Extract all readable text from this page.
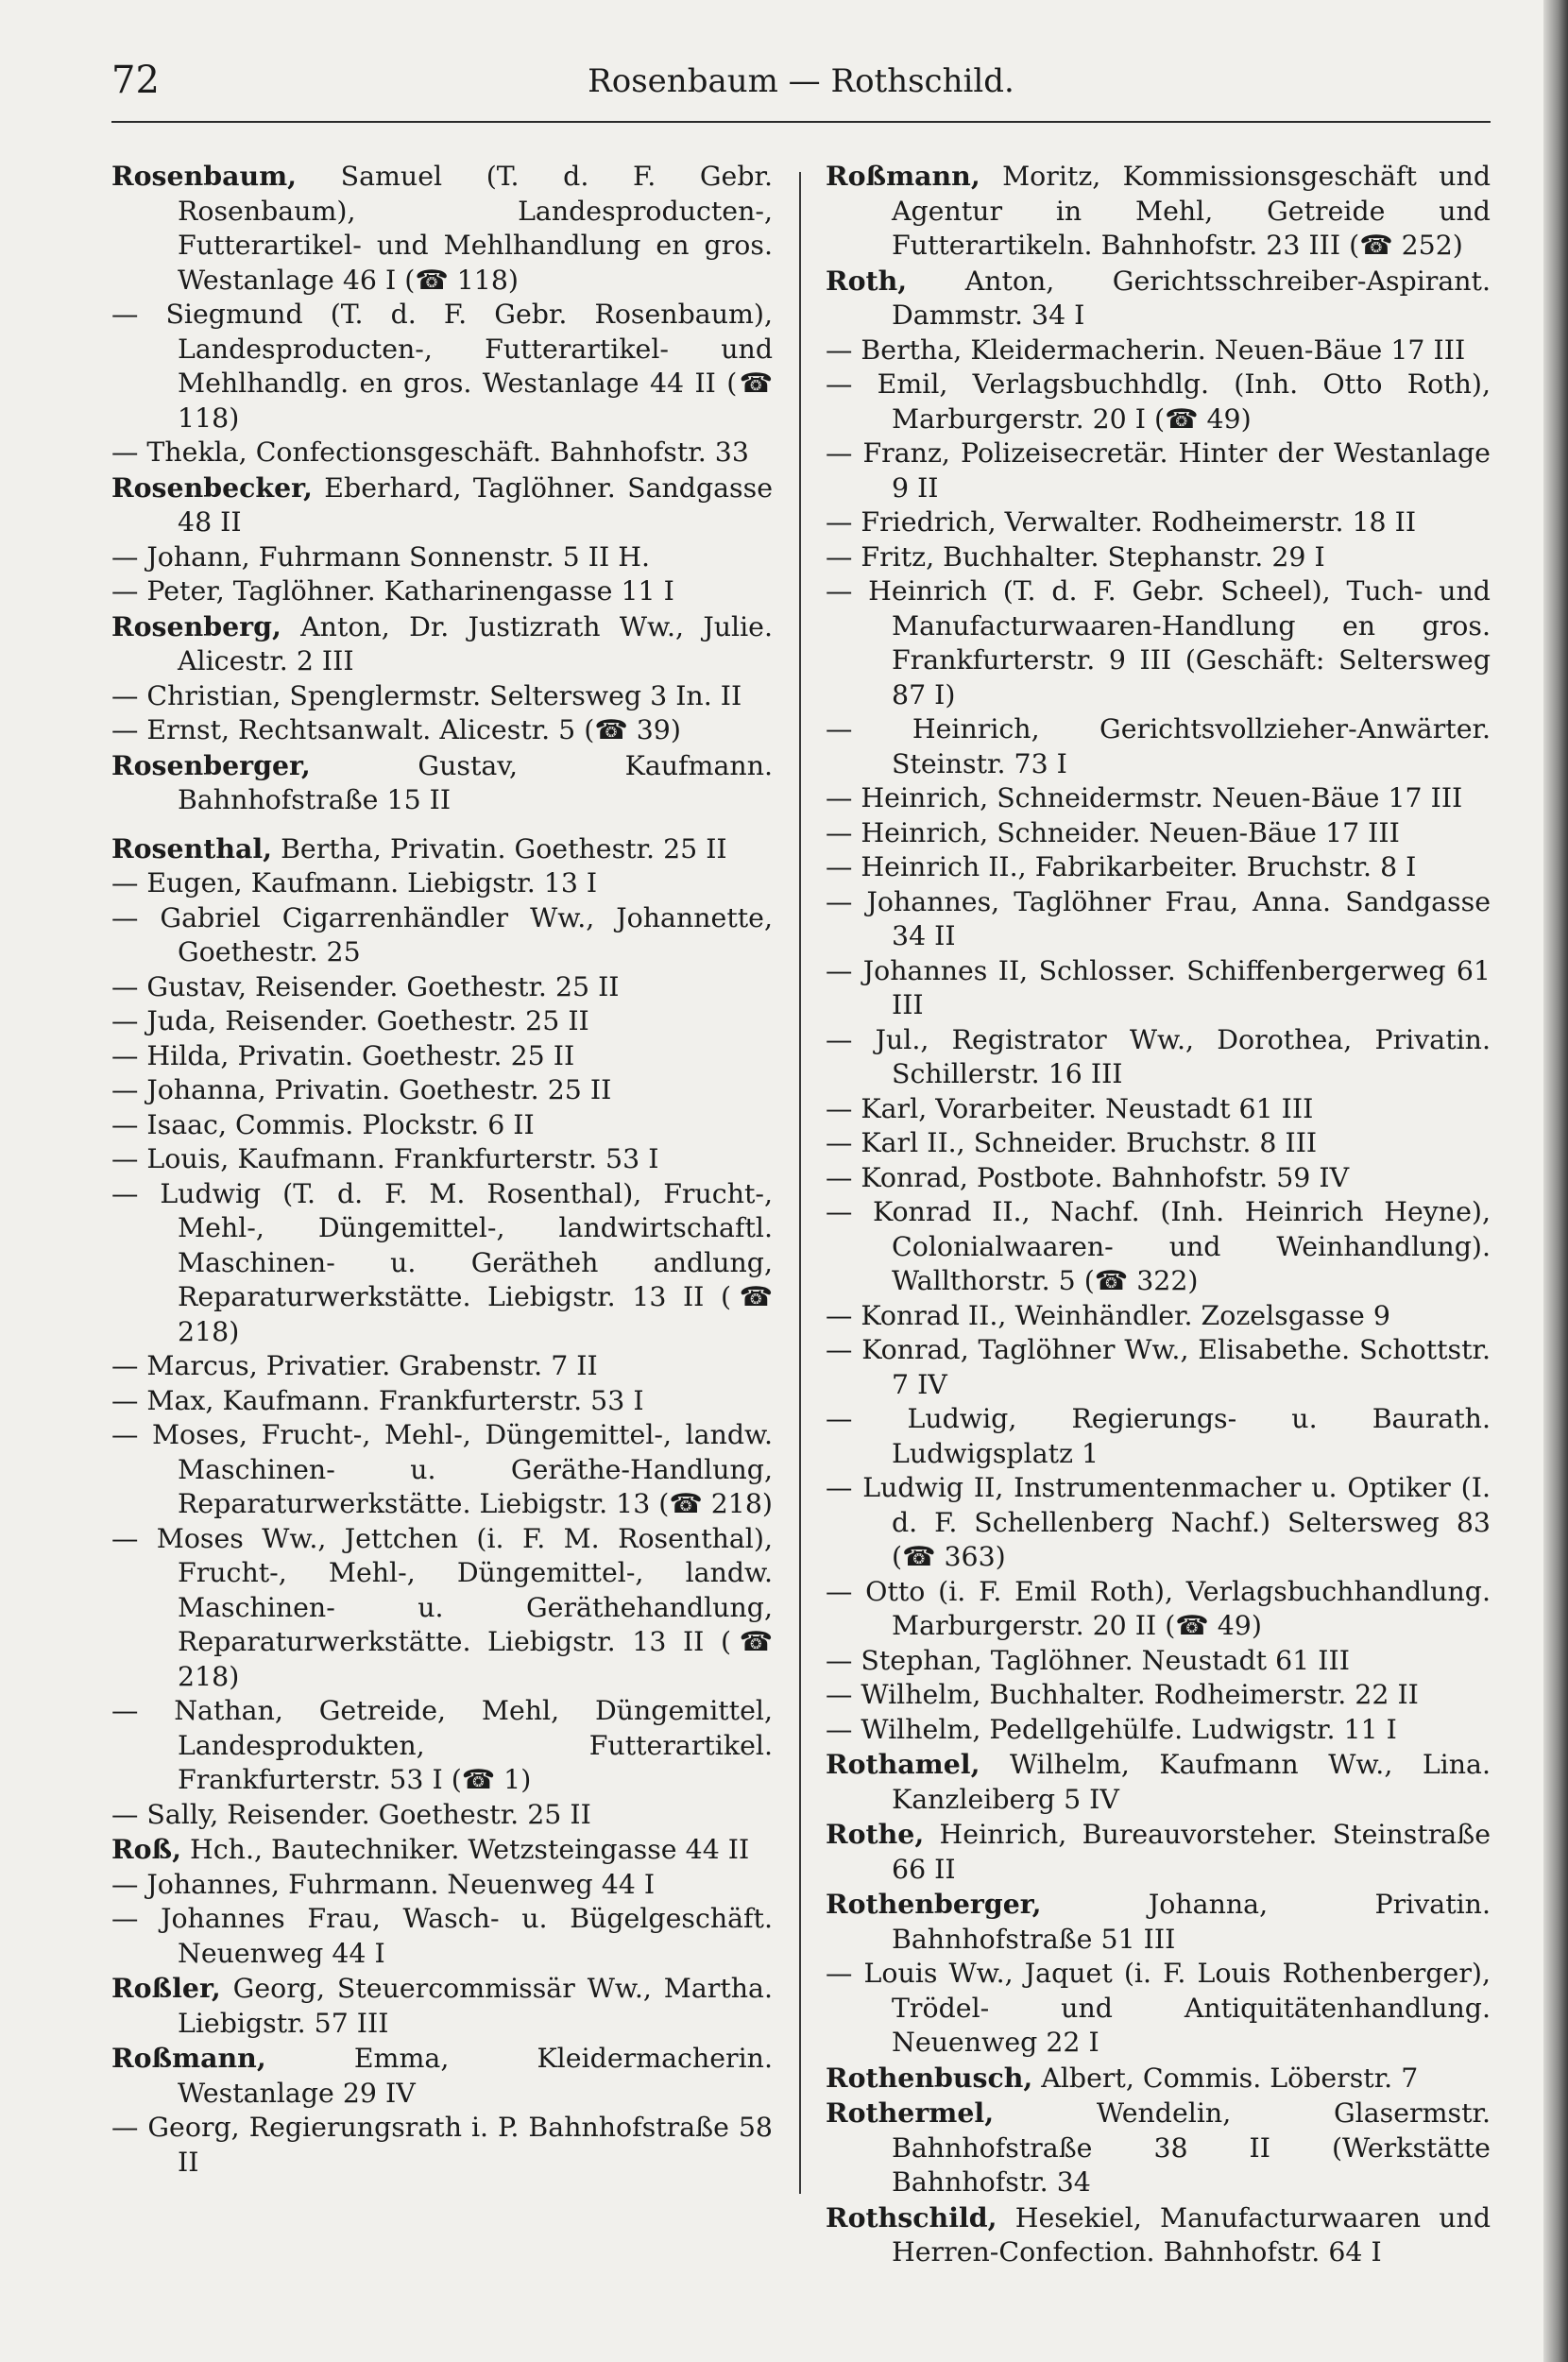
72	Rosenbaum — Rothschild.

Rosenbaum, Samuel (T. d. F. Gebr. Rosenbaum), Landesproducten-, Futterartikel- und Mehlhandlung en gros. Westanlage 46 I (☎ 118)

— Siegmund (T. d. F. Gebr. Rosenbaum), Landesproducten-, Futterartikel- und Mehlhandlg. en gros. Westanlage 44 II (☎ 118)

— Thekla, Confectionsgeschäft. Bahnhofstr. 33

Rosenbecker, Eberhard, Taglöhner. Sandgasse 48 II

— Johann, Fuhrmann Sonnenstr. 5 II H.

— Peter, Taglöhner. Katharinengasse 11 I

Rosenberg, Anton, Dr. Justizrath Ww., Julie. Alicestr. 2 III

— Christian, Spenglermstr. Seltersweg 3 In. II

— Ernst, Rechtsanwalt. Alicestr. 5 (☎ 39)

Rosenberger, Gustav, Kaufmann. Bahnhofstraße 15 II

Rosenthal, Bertha, Privatin. Goethestr. 25 II

— Eugen, Kaufmann. Liebigstr. 13 I

— Gabriel Cigarrenhändler Ww., Johannette, Goethestr. 25

— Gustav, Reisender. Goethestr. 25 II

— Juda, Reisender. Goethestr. 25 II

— Hilda, Privatin. Goethestr. 25 II

— Johanna, Privatin. Goethestr. 25 II

— Isaac, Commis. Plockstr. 6 II

— Louis, Kaufmann. Frankfurterstr. 53 I

— Ludwig (T. d. F. M. Rosenthal), Frucht-, Mehl-, Düngemittel-, landwirtschaftl. Maschinen- u. Gerätheh andlung, Reparaturwerkstätte. Liebigstr. 13 II (☎ 218)

— Marcus, Privatier. Grabenstr. 7 II

— Max, Kaufmann. Frankfurterstr. 53 I

— Moses, Frucht-, Mehl-, Düngemittel-, landw. Maschinen- u. Geräthe-Handlung, Reparaturwerkstätte. Liebigstr. 13 (☎ 218)

— Moses Ww., Jettchen (i. F. M. Rosenthal), Frucht-, Mehl-, Düngemittel-, landw. Maschinen- u. Geräthehandlung, Reparaturwerkstätte. Liebigstr. 13 II (☎ 218)

— Nathan, Getreide, Mehl, Düngemittel, Landesprodukten, Futterartikel. Frankfurterstr. 53 I (☎ 1)

— Sally, Reisender. Goethestr. 25 II

Roß, Hch., Bautechniker. Wetzsteingasse 44 II

— Johannes, Fuhrmann. Neuenweg 44 I

— Johannes Frau, Wasch- u. Bügelgeschäft. Neuenweg 44 I

Roßler, Georg, Steuercommissär Ww., Martha. Liebigstr. 57 III

Roßmann, Emma, Kleidermacherin. Westanlage 29 IV

— Georg, Regierungsrath i. P. Bahnhofstraße 58 II

Roßmann, Moritz, Kommissionsgeschäft und Agentur in Mehl, Getreide und Futterartikeln. Bahnhofstr. 23 III (☎ 252)

Roth, Anton, Gerichtsschreiber-Aspirant. Dammstr. 34 I

— Bertha, Kleidermacherin. Neuen-Bäue 17 III

— Emil, Verlagsbuchhdlg. (Inh. Otto Roth), Marburgerstr. 20 I (☎ 49)

— Franz, Polizeisecretär. Hinter der Westanlage 9 II

— Friedrich, Verwalter. Rodheimerstr. 18 II

— Fritz, Buchhalter. Stephanstr. 29 I

— Heinrich (T. d. F. Gebr. Scheel), Tuch- und Manufacturwaaren-Handlung en gros. Frankfurterstr. 9 III (Geschäft: Seltersweg 87 I)

— Heinrich, Gerichtsvollzieher-Anwärter. Steinstr. 73 I

— Heinrich, Schneidermstr. Neuen-Bäue 17 III

— Heinrich, Schneider. Neuen-Bäue 17 III

— Heinrich II., Fabrikarbeiter. Bruchstr. 8 I

— Johannes, Taglöhner Frau, Anna. Sandgasse 34 II

— Johannes II, Schlosser. Schiffenbergerweg 61 III

— Jul., Registrator Ww., Dorothea, Privatin. Schillerstr. 16 III

— Karl, Vorarbeiter. Neustadt 61 III

— Karl II., Schneider. Bruchstr. 8 III

— Konrad, Postbote. Bahnhofstr. 59 IV

— Konrad II., Nachf. (Inh. Heinrich Heyne), Colonialwaaren- und Weinhandlung). Wallthorstr. 5 (☎ 322)

— Konrad II., Weinhändler. Zozelsgasse 9

— Konrad, Taglöhner Ww., Elisabethe. Schottstr. 7 IV

— Ludwig, Regierungs- u. Baurath. Ludwigsplatz 1

— Ludwig II, Instrumentenmacher u. Optiker (I. d. F. Schellenberg Nachf.) Seltersweg 83 (☎ 363)

— Otto (i. F. Emil Roth), Verlagsbuchhandlung. Marburgerstr. 20 II (☎ 49)

— Stephan, Taglöhner. Neustadt 61 III

— Wilhelm, Buchhalter. Rodheimerstr. 22 II

— Wilhelm, Pedellgehülfe. Ludwigstr. 11 I

Rothamel, Wilhelm, Kaufmann Ww., Lina. Kanzleiberg 5 IV

Rothe, Heinrich, Bureauvorsteher. Steinstraße 66 II

Rothenberger, Johanna, Privatin. Bahnhofstraße 51 III

— Louis Ww., Jaquet (i. F. Louis Rothenberger), Trödel- und Antiquitätenhandlung. Neuenweg 22 I

Rothenbusch, Albert, Commis. Löberstr. 7

Rothermel, Wendelin, Glasermstr. Bahnhofstraße 38 II (Werkstätte Bahnhofstr. 34

Rothschild, Hesekiel, Manufacturwaaren und Herren-Confection. Bahnhofstr. 64 I
